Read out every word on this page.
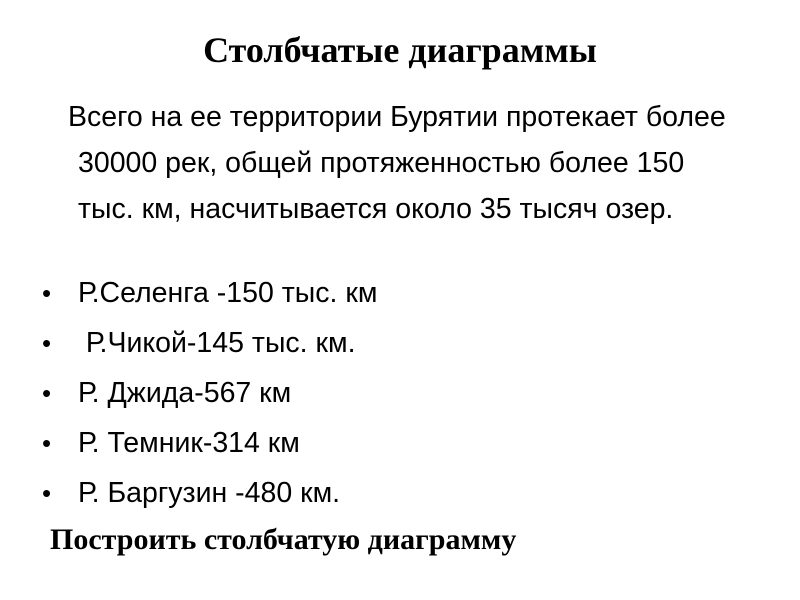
Столбчатые диаграммы

Всего на ее территории Бурятии протекает более 30000 рек, общей протяженностью более 150 тыс. км, насчитывается около 35 тысяч озер.

• Р.Селенга -150 тыс. км
• Р.Чикой-145 тыс. км.
• Р. Джида-567 км
• Р. Темник-314 км
• Р. Баргузин -480 км.

Построить столбчатую диаграмму
